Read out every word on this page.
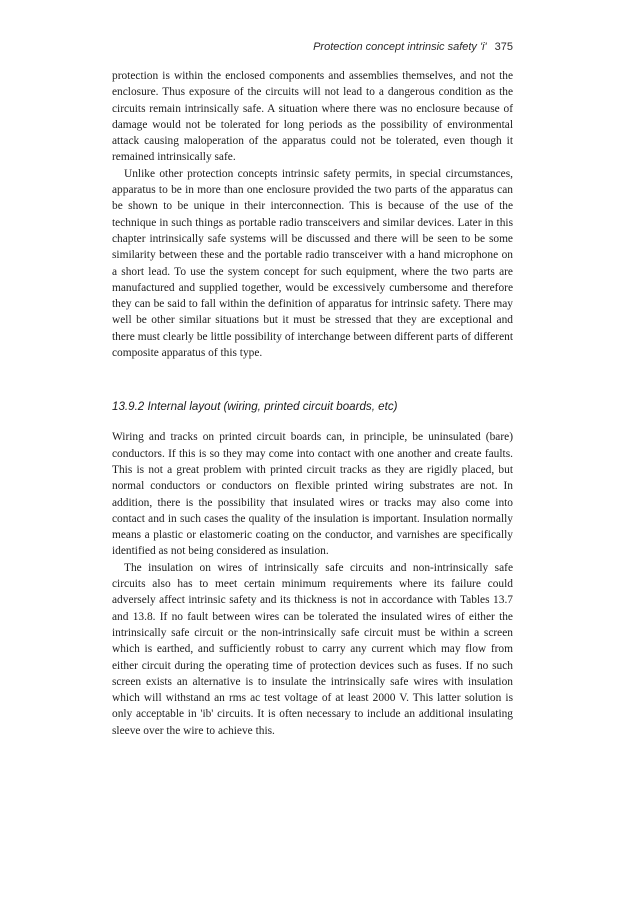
Protection concept intrinsic safety 'i' 375

protection is within the enclosed components and assemblies themselves, and not the enclosure. Thus exposure of the circuits will not lead to a dangerous condition as the circuits remain intrinsically safe. A situation where there was no enclosure because of damage would not be tolerated for long periods as the possibility of environmental attack causing maloperation of the apparatus could not be tolerated, even though it remained intrinsically safe.

Unlike other protection concepts intrinsic safety permits, in special circumstances, apparatus to be in more than one enclosure provided the two parts of the apparatus can be shown to be unique in their interconnection. This is because of the use of the technique in such things as portable radio transceivers and similar devices. Later in this chapter intrinsically safe systems will be discussed and there will be seen to be some similarity between these and the portable radio transceiver with a hand microphone on a short lead. To use the system concept for such equipment, where the two parts are manufactured and supplied together, would be excessively cumbersome and therefore they can be said to fall within the definition of apparatus for intrinsic safety. There may well be other similar situations but it must be stressed that they are exceptional and there must clearly be little possibility of interchange between different parts of different composite apparatus of this type.

13.9.2 Internal layout (wiring, printed circuit boards, etc)

Wiring and tracks on printed circuit boards can, in principle, be uninsulated (bare) conductors. If this is so they may come into contact with one another and create faults. This is not a great problem with printed circuit tracks as they are rigidly placed, but normal conductors or conductors on flexible printed wiring substrates are not. In addition, there is the possibility that insulated wires or tracks may also come into contact and in such cases the quality of the insulation is important. Insulation normally means a plastic or elastomeric coating on the conductor, and varnishes are specifically identified as not being considered as insulation.

The insulation on wires of intrinsically safe circuits and non-intrinsically safe circuits also has to meet certain minimum requirements where its failure could adversely affect intrinsic safety and its thickness is not in accordance with Tables 13.7 and 13.8. If no fault between wires can be tolerated the insulated wires of either the intrinsically safe circuit or the non-intrinsically safe circuit must be within a screen which is earthed, and sufficiently robust to carry any current which may flow from either circuit during the operating time of protection devices such as fuses. If no such screen exists an alternative is to insulate the intrinsically safe wires with insulation which will withstand an rms ac test voltage of at least 2000 V. This latter solution is only acceptable in 'ib' circuits. It is often necessary to include an additional insulating sleeve over the wire to achieve this.
